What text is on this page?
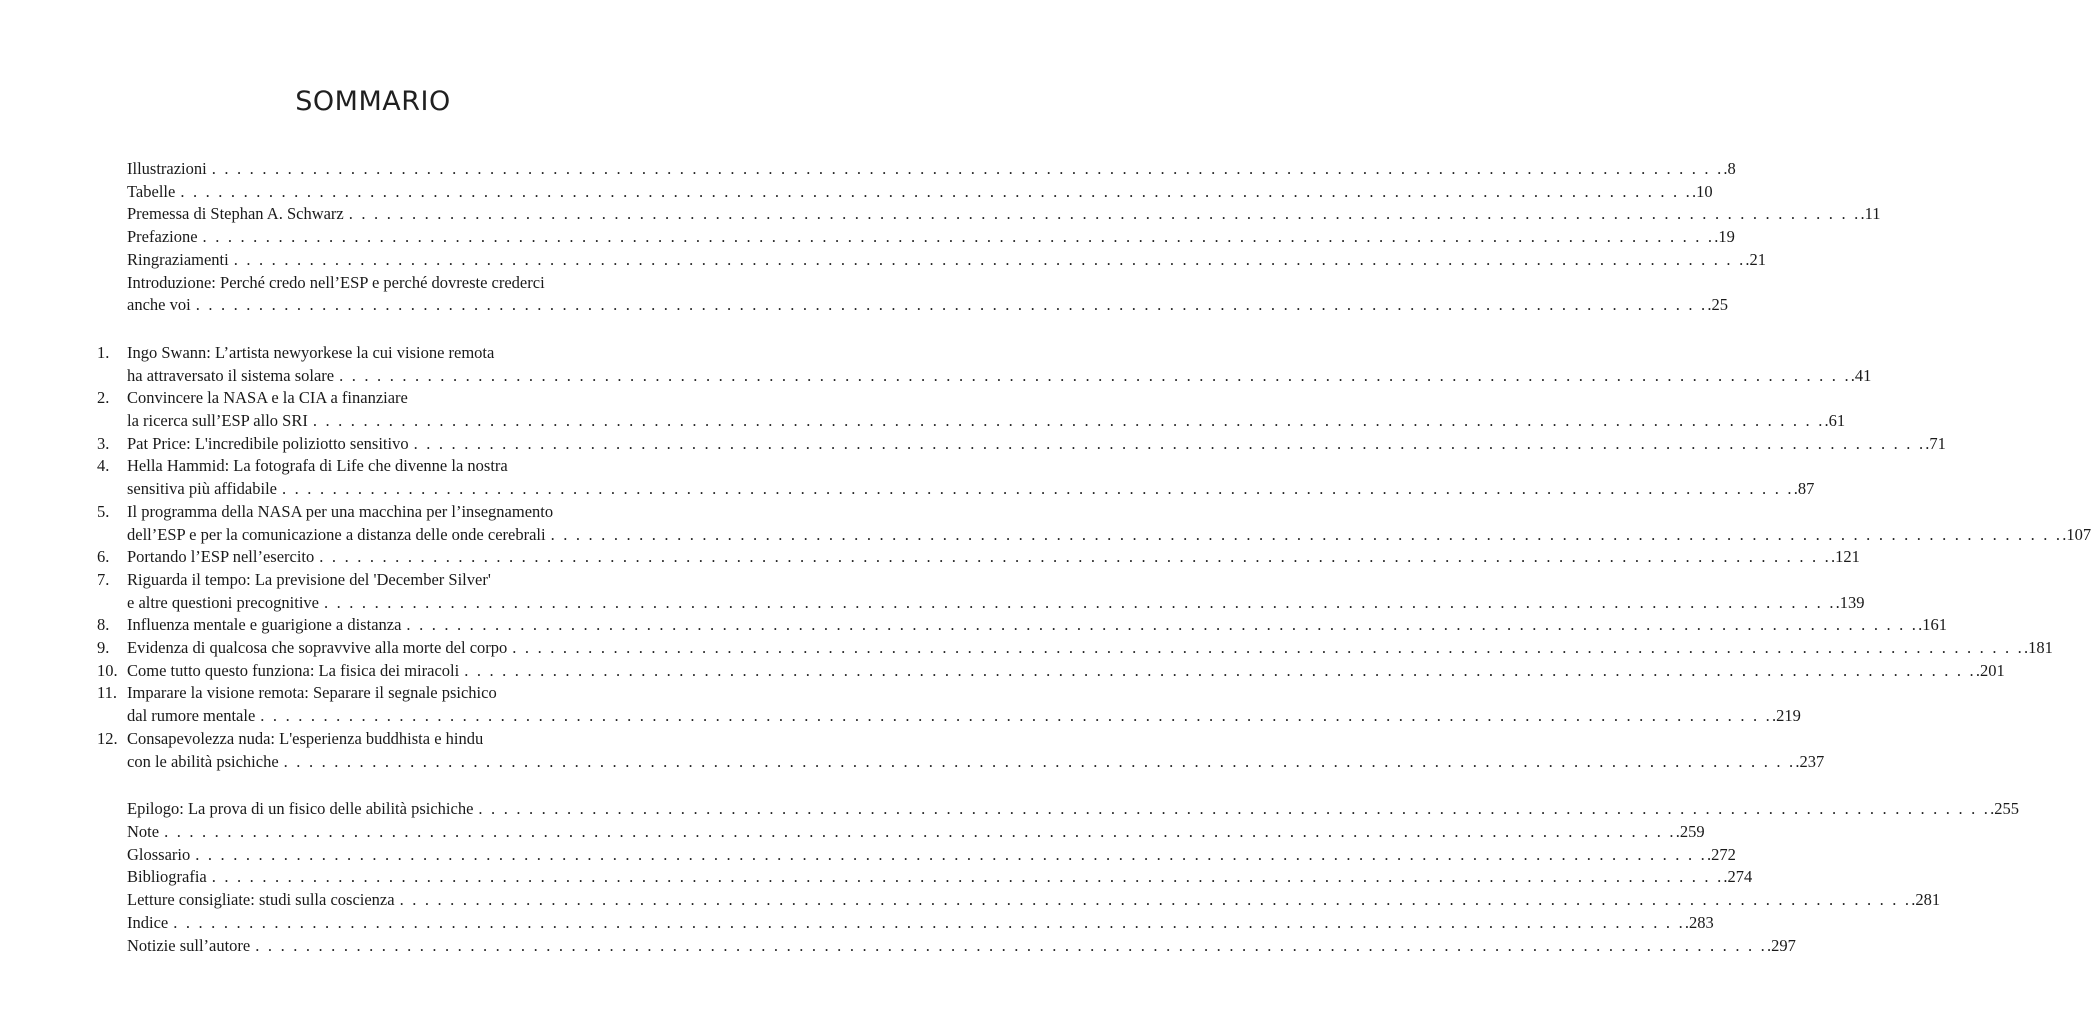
SOMMARIO
Illustrazioni . . . . . . . . . . . . . . . . . . . . . . . . . . . . . . . . . . . . . . . . . . . . . . . . . . . . . . . . . . . . . . . . . . . . . . . . . . . . . . . . . . . . . . . . . . . . . . . . . . . . . . . . . . . . . . . . . . . . . . . . .8
Tabelle . . . . . . . . . . . . . . . . . . . . . . . . . . . . . . . . . . . . . . . . . . . . . . . . . . . . . . . . . . . . . . . . . . . . . . . . . . . . . . . . . . . . . . . . . . . . . . . . . . . . . . . . . . . . . . . . . . . . . . . . .10
Premessa di Stephan A. Schwarz . . . . . . . . . . . . . . . . . . . . . . . . . . . . . . . . . . . . . . . . . . . . . . . . . . . . . . . . . . . . . . . . . . . . . . . . . . . . . . . . . . . . . . . . . . . . . . . . . . . . . . . . . . . . . . . . . . . . . . . . .11
Prefazione . . . . . . . . . . . . . . . . . . . . . . . . . . . . . . . . . . . . . . . . . . . . . . . . . . . . . . . . . . . . . . . . . . . . . . . . . . . . . . . . . . . . . . . . . . . . . . . . . . . . . . . . . . . . . . . . . . . . . . . . .19
Ringraziamenti . . . . . . . . . . . . . . . . . . . . . . . . . . . . . . . . . . . . . . . . . . . . . . . . . . . . . . . . . . . . . . . . . . . . . . . . . . . . . . . . . . . . . . . . . . . . . . . . . . . . . . . . . . . . . . . . . . . . . . . . .21
Introduzione: Perché credo nell’ESP e perché dovreste crederci
anche voi . . . . . . . . . . . . . . . . . . . . . . . . . . . . . . . . . . . . . . . . . . . . . . . . . . . . . . . . . . . . . . . . . . . . . . . . . . . . . . . . . . . . . . . . . . . . . . . . . . . . . . . . . . . . . . . . . . . . . . . . .25
1. Ingo Swann: L’artista newyorkese la cui visione remota
ha attraversato il sistema solare . . . . . . . . . . . . . . . . . . . . . . . . . . . . . . . . . . . . . . . . . . . . . . . . . . . . . . . . . . . . . . . . . . . . . . . . . . . . . . . . . . . . . . . . . . . . . . . . . . . . . . . . . . . . . . . . . . . . . . . . .41
2. Convincere la NASA e la CIA a finanziare
la ricerca sull’ESP allo SRI . . . . . . . . . . . . . . . . . . . . . . . . . . . . . . . . . . . . . . . . . . . . . . . . . . . . . . . . . . . . . . . . . . . . . . . . . . . . . . . . . . . . . . . . . . . . . . . . . . . . . . . . . . . . . . . . . . . . . . . . .61
3. Pat Price: L'incredibile poliziotto sensitivo . . . . . . . . . . . . . . . . . . . . . . . . . . . . . . . . . . . . . . . . . . . . . . . . . . . . . . . . . . . . . . . . . . . . . . . . . . . . . . . . . . . . . . . . . . . . . . . . . . . . . . . . . . . . . . . . . . . . . . . . .71
4. Hella Hammid: La fotografa di Life che divenne la nostra
sensitiva più affidabile . . . . . . . . . . . . . . . . . . . . . . . . . . . . . . . . . . . . . . . . . . . . . . . . . . . . . . . . . . . . . . . . . . . . . . . . . . . . . . . . . . . . . . . . . . . . . . . . . . . . . . . . . . . . . . . . . . . . . . . . .87
5. Il programma della NASA per una macchina per l’insegnamento
dell’ESP e per la comunicazione a distanza delle onde cerebrali . . . . . . . . . . . . . . . . . . . . . . . . . . . . . . . . . . . . . . . . . . . . . . . . . . . . . . . . . . . . . . . . . . . . . . . . . . . . . . . . . . . . . . . . . . . . . . . . . . . . . . . . . . . . . . . . . . . . . . . . .107
6. Portando l’ESP nell’esercito . . . . . . . . . . . . . . . . . . . . . . . . . . . . . . . . . . . . . . . . . . . . . . . . . . . . . . . . . . . . . . . . . . . . . . . . . . . . . . . . . . . . . . . . . . . . . . . . . . . . . . . . . . . . . . . . . . . . . . . . .121
7. Riguarda il tempo: La previsione del 'December Silver'
e altre questioni precognitive . . . . . . . . . . . . . . . . . . . . . . . . . . . . . . . . . . . . . . . . . . . . . . . . . . . . . . . . . . . . . . . . . . . . . . . . . . . . . . . . . . . . . . . . . . . . . . . . . . . . . . . . . . . . . . . . . . . . . . . . .139
8. Influenza mentale e guarigione a distanza . . . . . . . . . . . . . . . . . . . . . . . . . . . . . . . . . . . . . . . . . . . . . . . . . . . . . . . . . . . . . . . . . . . . . . . . . . . . . . . . . . . . . . . . . . . . . . . . . . . . . . . . . . . . . . . . . . . . . . . . .161
9. Evidenza di qualcosa che sopravvive alla morte del corpo . . . . . . . . . . . . . . . . . . . . . . . . . . . . . . . . . . . . . . . . . . . . . . . . . . . . . . . . . . . . . . . . . . . . . . . . . . . . . . . . . . . . . . . . . . . . . . . . . . . . . . . . . . . . . . . . . . . . . . . . .181
10. Come tutto questo funziona: La fisica dei miracoli . . . . . . . . . . . . . . . . . . . . . . . . . . . . . . . . . . . . . . . . . . . . . . . . . . . . . . . . . . . . . . . . . . . . . . . . . . . . . . . . . . . . . . . . . . . . . . . . . . . . . . . . . . . . . . . . . . . . . . . . .201
11. Imparare la visione remota: Separare il segnale psichico
dal rumore mentale . . . . . . . . . . . . . . . . . . . . . . . . . . . . . . . . . . . . . . . . . . . . . . . . . . . . . . . . . . . . . . . . . . . . . . . . . . . . . . . . . . . . . . . . . . . . . . . . . . . . . . . . . . . . . . . . . . . . . . . . .219
12. Consapevolezza nuda: L'esperienza buddhista e hindu
con le abilità psichiche . . . . . . . . . . . . . . . . . . . . . . . . . . . . . . . . . . . . . . . . . . . . . . . . . . . . . . . . . . . . . . . . . . . . . . . . . . . . . . . . . . . . . . . . . . . . . . . . . . . . . . . . . . . . . . . . . . . . . . . . .237
Epilogo: La prova di un fisico delle abilità psichiche . . . . . . . . . . . . . . . . . . . . . . . . . . . . . . . . . . . . . . . . . . . . . . . . . . . . . . . . . . . . . . . . . . . . . . . . . . . . . . . . . . . . . . . . . . . . . . . . . . . . . . . . . . . . . . . . . . . . . . . . .255
Note . . . . . . . . . . . . . . . . . . . . . . . . . . . . . . . . . . . . . . . . . . . . . . . . . . . . . . . . . . . . . . . . . . . . . . . . . . . . . . . . . . . . . . . . . . . . . . . . . . . . . . . . . . . . . . . . . . . . . . . . .259
Glossario . . . . . . . . . . . . . . . . . . . . . . . . . . . . . . . . . . . . . . . . . . . . . . . . . . . . . . . . . . . . . . . . . . . . . . . . . . . . . . . . . . . . . . . . . . . . . . . . . . . . . . . . . . . . . . . . . . . . . . . . .272
Bibliografia . . . . . . . . . . . . . . . . . . . . . . . . . . . . . . . . . . . . . . . . . . . . . . . . . . . . . . . . . . . . . . . . . . . . . . . . . . . . . . . . . . . . . . . . . . . . . . . . . . . . . . . . . . . . . . . . . . . . . . . . .274
Letture consigliate: studi sulla coscienza . . . . . . . . . . . . . . . . . . . . . . . . . . . . . . . . . . . . . . . . . . . . . . . . . . . . . . . . . . . . . . . . . . . . . . . . . . . . . . . . . . . . . . . . . . . . . . . . . . . . . . . . . . . . . . . . . . . . . . . . .281
Indice . . . . . . . . . . . . . . . . . . . . . . . . . . . . . . . . . . . . . . . . . . . . . . . . . . . . . . . . . . . . . . . . . . . . . . . . . . . . . . . . . . . . . . . . . . . . . . . . . . . . . . . . . . . . . . . . . . . . . . . . .283
Notizie sull’autore . . . . . . . . . . . . . . . . . . . . . . . . . . . . . . . . . . . . . . . . . . . . . . . . . . . . . . . . . . . . . . . . . . . . . . . . . . . . . . . . . . . . . . . . . . . . . . . . . . . . . . . . . . . . . . . . . . . . . . . . .297
